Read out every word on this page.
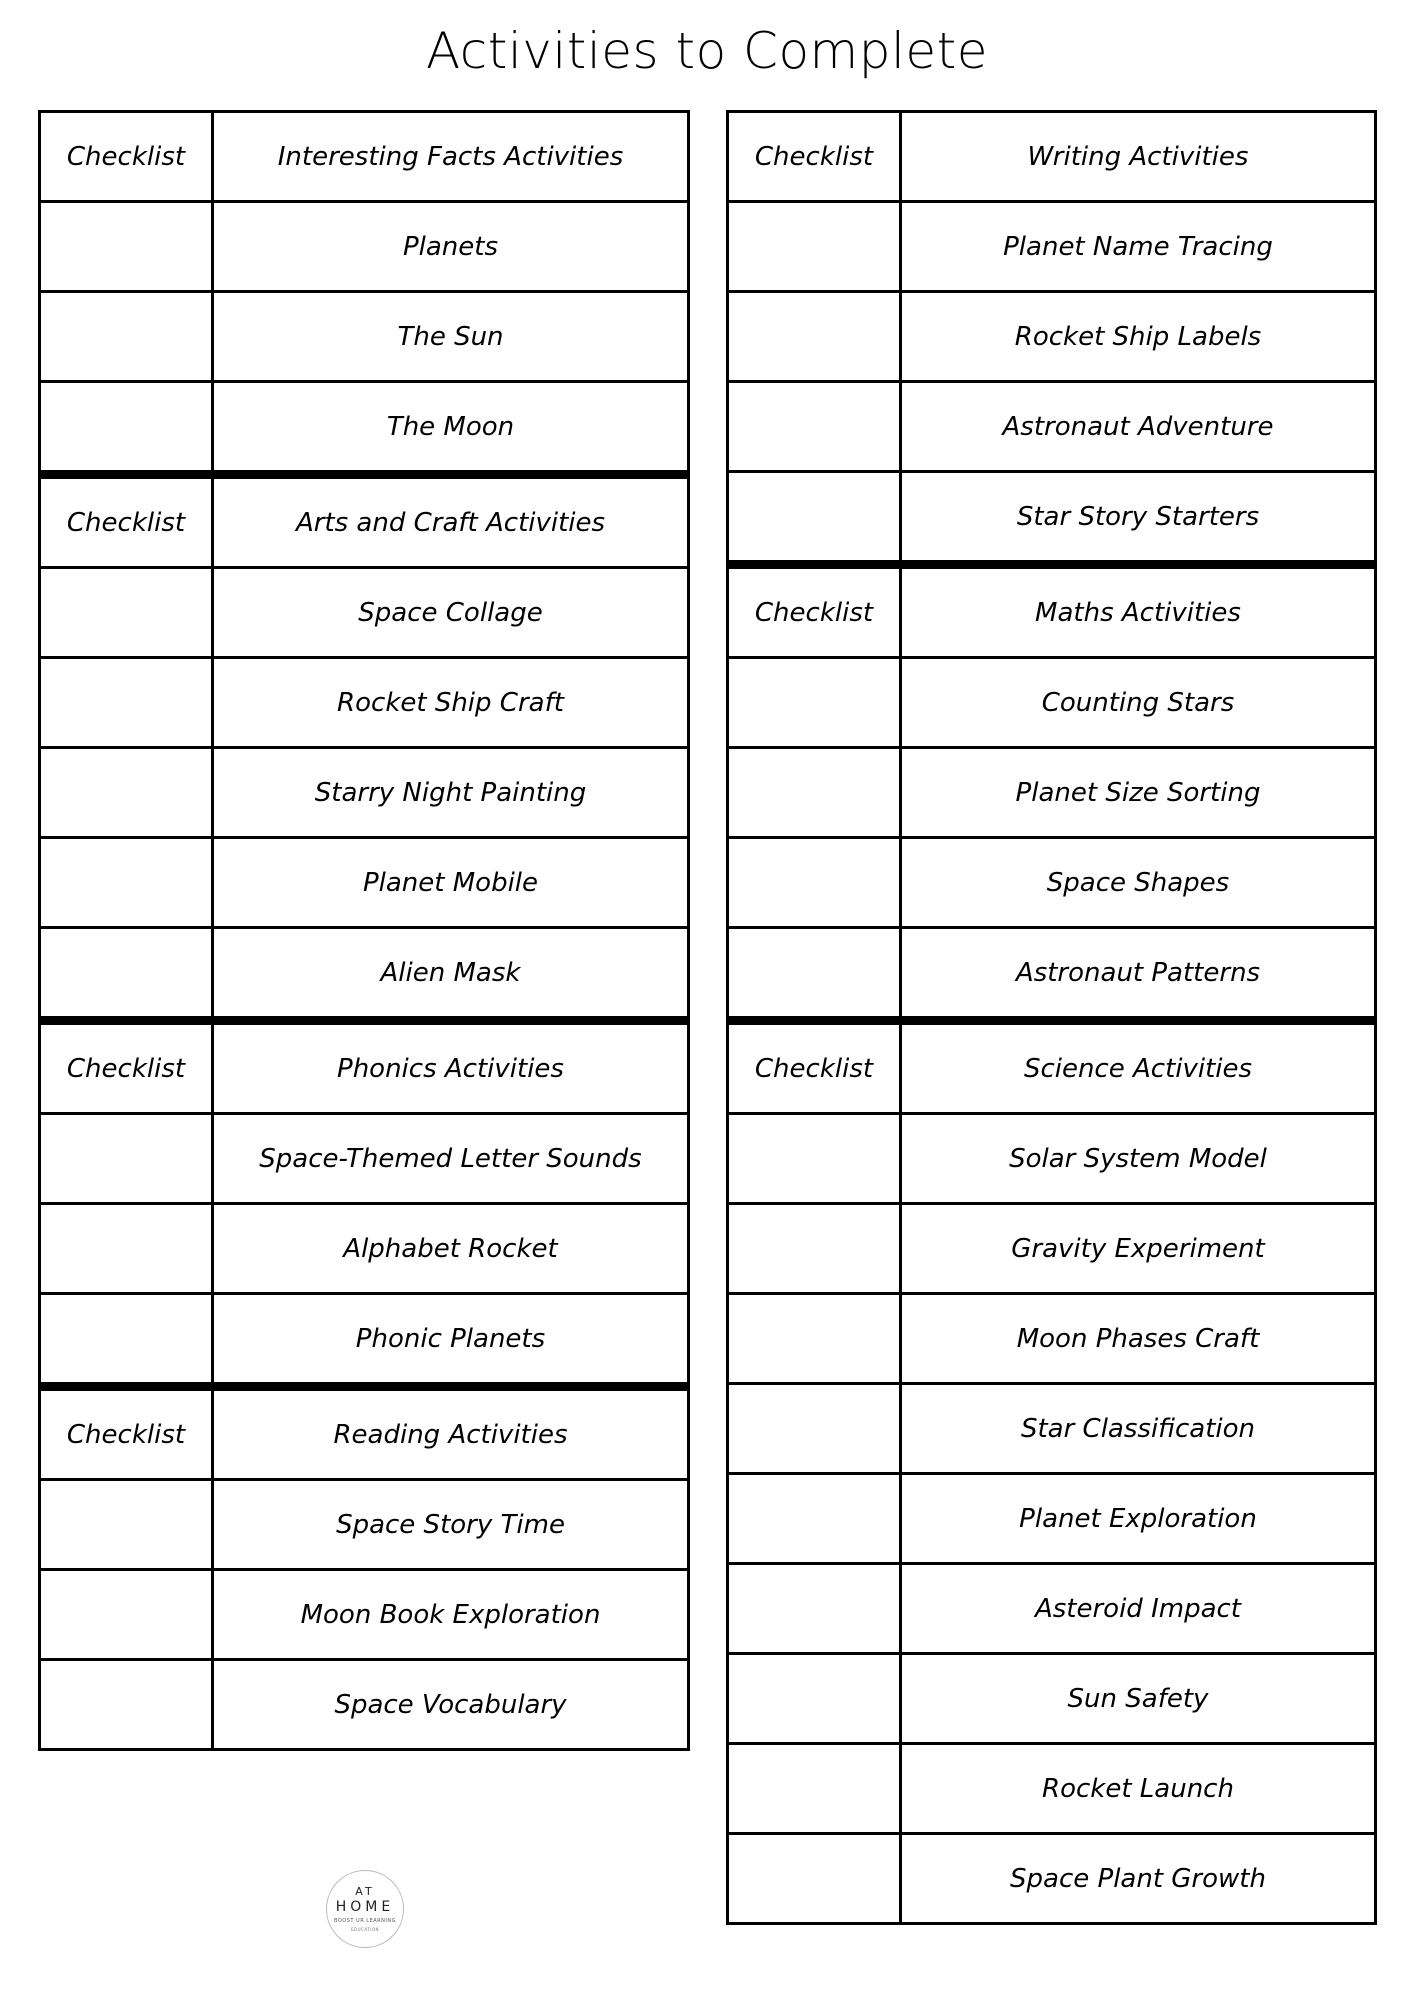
Activities to Complete
Checklist	Interesting Facts Activities
	Planets
	The Sun
	The Moon
Checklist	Arts and Craft Activities
	Space Collage
	Rocket Ship Craft
	Starry Night Painting
	Planet Mobile
	Alien Mask
Checklist	Phonics Activities
	Space-Themed Letter Sounds
	Alphabet Rocket
	Phonic Planets
Checklist	Reading Activities
	Space Story Time
	Moon Book Exploration
	Space Vocabulary
Checklist	Writing Activities
	Planet Name Tracing
	Rocket Ship Labels
	Astronaut Adventure
	Star Story Starters
Checklist	Maths Activities
	Counting Stars
	Planet Size Sorting
	Space Shapes
	Astronaut Patterns
Checklist	Science Activities
	Solar System Model
	Gravity Experiment
	Moon Phases Craft
	Star Classification
	Planet Exploration
	Asteroid Impact
	Sun Safety
	Rocket Launch
	Space Plant Growth
AT
HOME
BOOST UR LEARNING
EDUCATION
